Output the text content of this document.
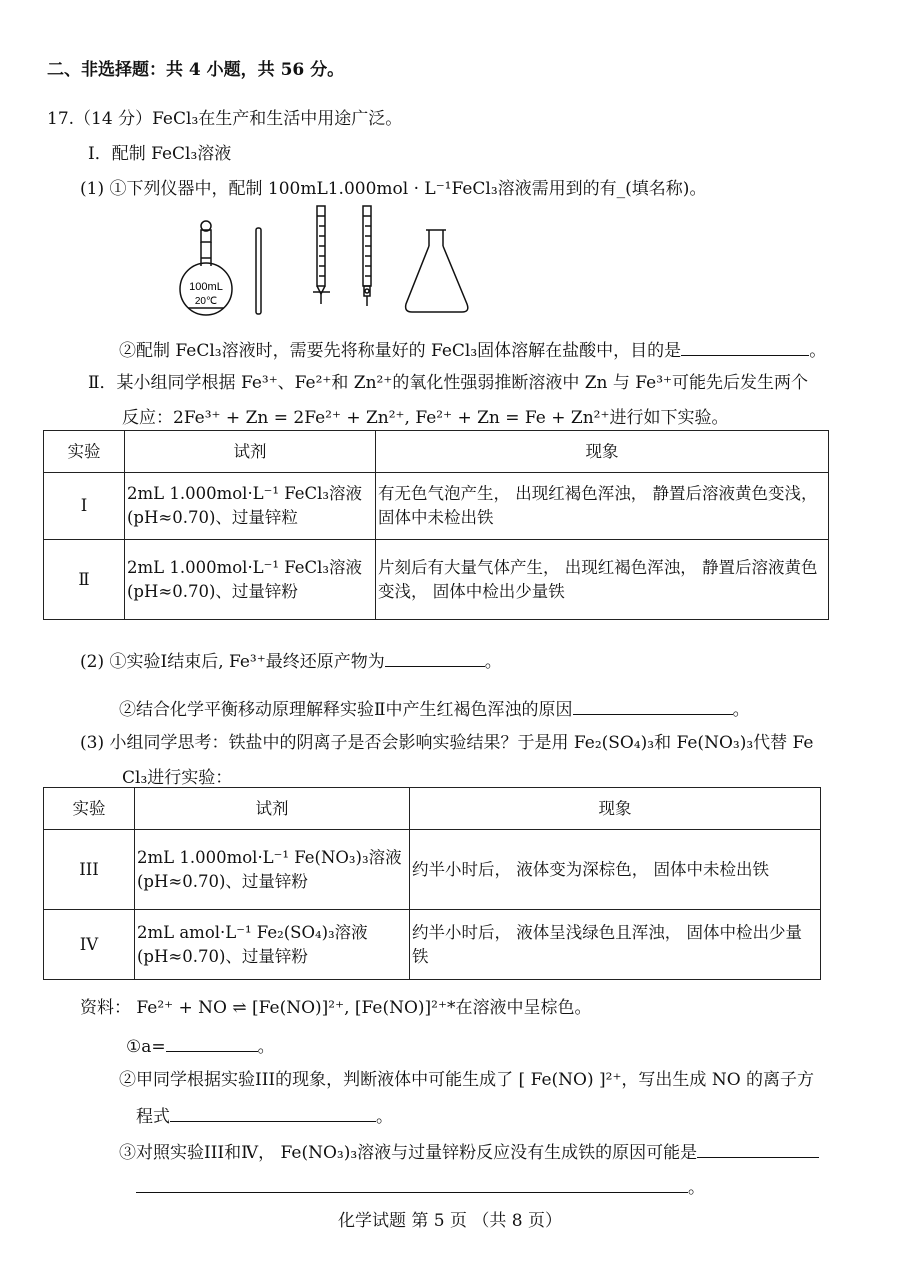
二、非选择题：共 4 小题，共 56 分。
17.（14 分）FeCl₃在生产和生活中用途广泛。
Ⅰ．配制 FeCl₃溶液
(1) ①下列仪器中，配制 100mL1.000mol · L⁻¹FeCl₃溶液需用到的有_(填名称)。
100mL
20℃
②配制 FeCl₃溶液时，需要先将称量好的 FeCl₃固体溶解在盐酸中，目的是	。
Ⅱ．某小组同学根据 Fe³⁺、Fe²⁺和 Zn²⁺的氧化性强弱推断溶液中 Zn 与 Fe³⁺可能先后发生两个
反应：2Fe³⁺ + Zn = 2Fe²⁺ + Zn²⁺, Fe²⁺ + Zn = Fe + Zn²⁺进行如下实验。
实验	试剂	现象
Ⅰ	2mL 1.000mol·L⁻¹ FeCl₃溶液(pH≈0.70)、过量锌粒	有无色气泡产生， 出现红褐色浑浊， 静置后溶液黄色变浅， 固体中未检出铁
Ⅱ	2mL 1.000mol·L⁻¹ FeCl₃溶液(pH≈0.70)、过量锌粉	片刻后有大量气体产生， 出现红褐色浑浊， 静置后溶液黄色变浅， 固体中检出少量铁
(2) ①实验Ⅰ结束后, Fe³⁺最终还原产物为	。
②结合化学平衡移动原理解释实验Ⅱ中产生红褐色浑浊的原因	。
(3) 小组同学思考：铁盐中的阴离子是否会影响实验结果？于是用 Fe₂(SO₄)₃和 Fe(NO₃)₃代替 Fe
Cl₃进行实验：
实验	试剂	现象
III	2mL 1.000mol·L⁻¹ Fe(NO₃)₃溶液 (pH≈0.70)、过量锌粉	约半小时后， 液体变为深棕色， 固体中未检出铁
IV	2mL amol·L⁻¹ Fe₂(SO₄)₃溶液(pH≈0.70)、过量锌粉	约半小时后， 液体呈浅绿色且浑浊， 固体中检出少量铁
资料： Fe²⁺ + NO ⇌ [Fe(NO)]²⁺, [Fe(NO)]²⁺*在溶液中呈棕色。
①a=	。
②甲同学根据实验III的现象，判断液体中可能生成了 [ Fe(NO) ]²⁺，写出生成 NO 的离子方
程式	。
③对照实验III和Ⅳ， Fe(NO₃)₃溶液与过量锌粉反应没有生成铁的原因可能是
。
化学试题 第 5 页 （共 8 页）
